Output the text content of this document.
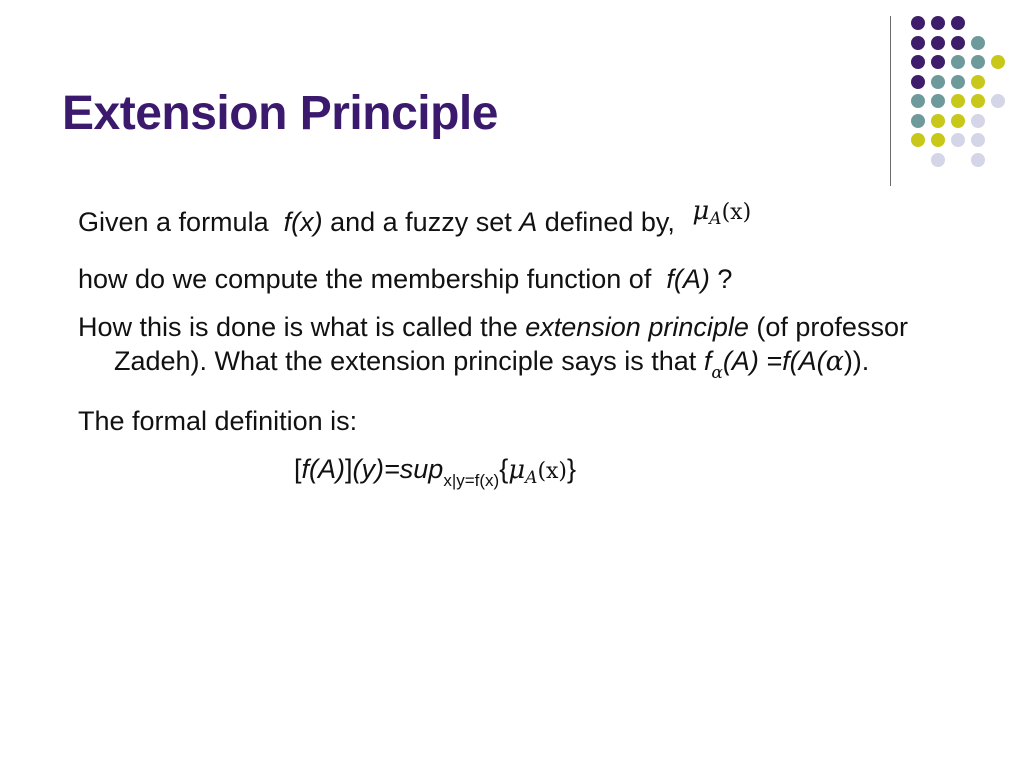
Extension Principle

Given a formula f(x) and a fuzzy set A defined by, μA(x)

how do we compute the membership function of f(A) ?

How this is done is what is called the extension principle (of professor Zadeh). What the extension principle says is that $f_\alpha(A) =f(A(\alpha))$.

The formal definition is:

[f(A)](y)=sup$_{x|y=f(x)}${μA(x)}
